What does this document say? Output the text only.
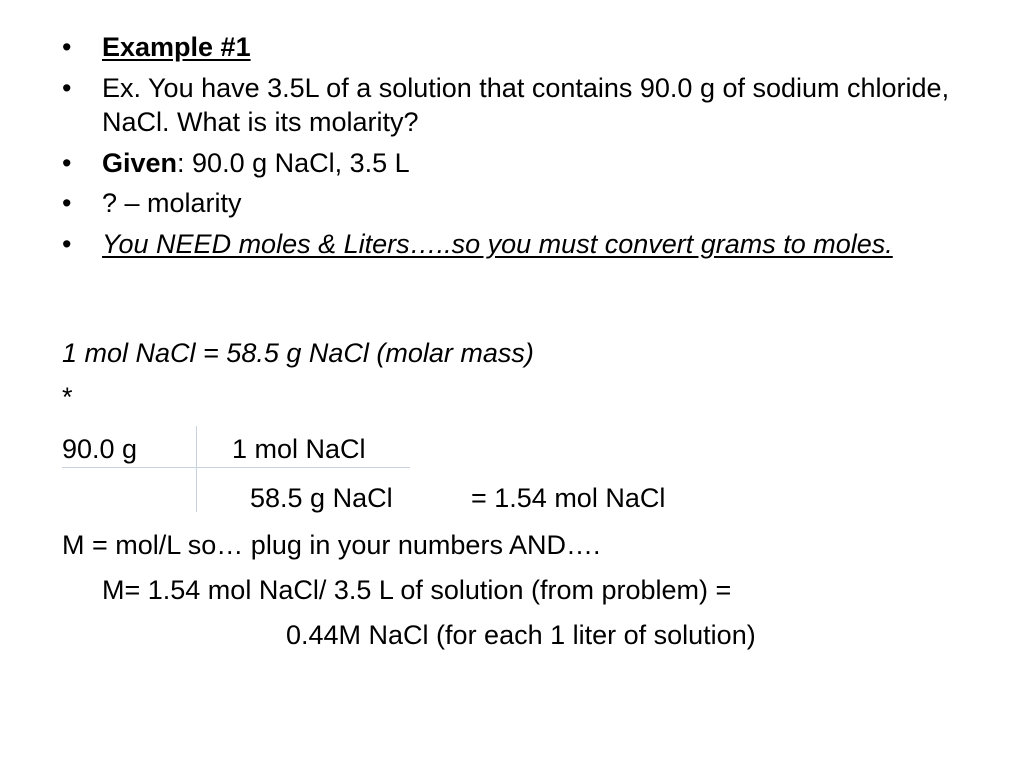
• Example #1
• Ex. You have 3.5L of a solution that contains 90.0 g of sodium chloride, NaCl. What is its molarity?
• Given: 90.0 g NaCl, 3.5 L
• ? – molarity
• You NEED moles & Liters…..so you must convert grams to moles.
1 mol NaCl = 58.5 g NaCl (molar mass)
*
90.0 g	1 mol NaCl
58.5 g NaCl	= 1.54 mol NaCl
M = mol/L so… plug in your numbers AND….
M= 1.54 mol NaCl/ 3.5 L of solution (from problem) =
0.44M NaCl (for each 1 liter of solution)
